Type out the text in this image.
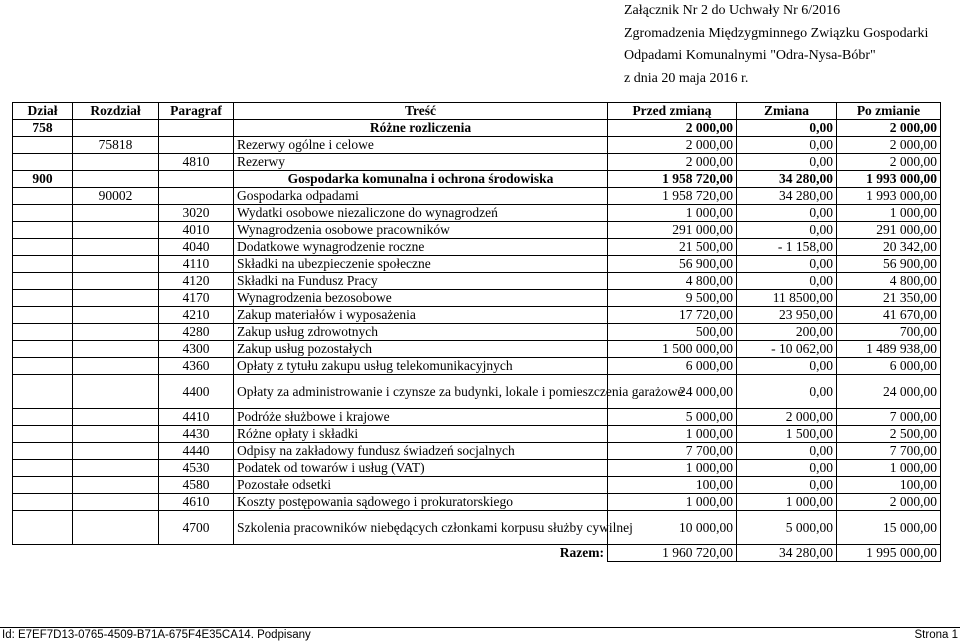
Załącznik Nr 2 do Uchwały Nr 6/2016
Zgromadzenia Międzygminnego Związku Gospodarki
Odpadami Komunalnymi "Odra-Nysa-Bóbr"
z dnia 20 maja 2016 r.
Dział	Rozdział	Paragraf	Treść	Przed zmianą	Zmiana	Po zmianie
758			Różne rozliczenia	2 000,00	0,00	2 000,00
	75818		Rezerwy ogólne i celowe	2 000,00	0,00	2 000,00
		4810	Rezerwy	2 000,00	0,00	2 000,00
900			Gospodarka komunalna i ochrona środowiska	1 958 720,00	34 280,00	1 993 000,00
	90002		Gospodarka odpadami	1 958 720,00	34 280,00	1 993 000,00
		3020	Wydatki osobowe niezaliczone do wynagrodzeń	1 000,00	0,00	1 000,00
		4010	Wynagrodzenia osobowe pracowników	291 000,00	0,00	291 000,00
		4040	Dodatkowe wynagrodzenie roczne	21 500,00	- 1 158,00	20 342,00
		4110	Składki na ubezpieczenie społeczne	56 900,00	0,00	56 900,00
		4120	Składki na Fundusz Pracy	4 800,00	0,00	4 800,00
		4170	Wynagrodzenia bezosobowe	9 500,00	11 8500,00	21 350,00
		4210	Zakup materiałów i wyposażenia	17 720,00	23 950,00	41 670,00
		4280	Zakup usług zdrowotnych	500,00	200,00	700,00
		4300	Zakup usług pozostałych	1 500 000,00	- 10 062,00	1 489 938,00
		4360	Opłaty z tytułu zakupu usług telekomunikacyjnych	6 000,00	0,00	6 000,00
		4400	Opłaty za administrowanie i czynsze za budynki, lokale i pomieszczenia garażowe	24 000,00	0,00	24 000,00
		4410	Podróże służbowe i krajowe	5 000,00	2 000,00	7 000,00
		4430	Różne opłaty i składki	1 000,00	1 500,00	2 500,00
		4440	Odpisy na zakładowy fundusz świadzeń socjalnych	7 700,00	0,00	7 700,00
		4530	Podatek od towarów i usług (VAT)	1 000,00	0,00	1 000,00
		4580	Pozostałe odsetki	100,00	0,00	100,00
		4610	Koszty postępowania sądowego i prokuratorskiego	1 000,00	1 000,00	2 000,00
		4700	Szkolenia pracowników niebędących członkami korpusu służby cywilnej	10 000,00	5 000,00	15 000,00
			Razem:	1 960 720,00	34 280,00	1 995 000,00
Id: E7EF7D13-0765-4509-B71A-675F4E35CA14. Podpisany	Strona 1
